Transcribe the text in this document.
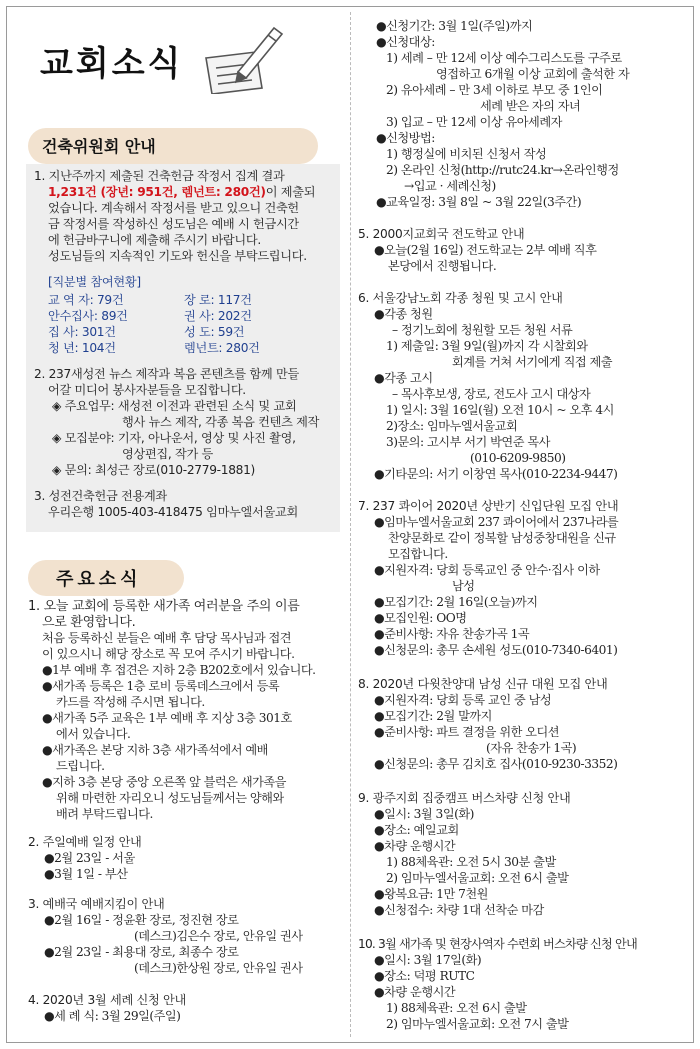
교회소식
건축위원회 안내
1. 지난주까지 제출된 건축헌금 작정서 집계 결과
1,231건 (장년: 951건, 렘넌트: 280건)이 제출되
었습니다. 계속해서 작정서를 받고 있으니 건축헌
금 작정서를 작성하신 성도님은 예배 시 헌금시간
에 헌금바구니에 제출해 주시기 바랍니다.
성도님들의 지속적인 기도와 헌신을 부탁드립니다.
[직분별 참여현황]
교 역 자: 79건	장 로: 117건
안수집사: 89건	권 사: 202건
집 사: 301건	성 도: 59건
청 년: 104건	렘넌트: 280건
2. 237새성전 뉴스 제작과 복음 콘텐츠를 함께 만들
어갈 미디어 봉사자분들을 모집합니다.
◈ 주요업무: 새성전 이전과 관련된 소식 및 교회
행사 뉴스 제작, 각종 복음 컨텐츠 제작
◈ 모집분야: 기자, 아나운서, 영상 및 사진 촬영,
영상편집, 작가 등
◈ 문의: 최성근 장로(010-2779-1881)
3. 성전건축헌금 전용계좌
우리은행 1005-403-418475 임마누엘서울교회
주요소식
1. 오늘 교회에 등록한 새가족 여러분을 주의 이름
으로 환영합니다.
처음 등록하신 분들은 예배 후 담당 목사님과 접견
이 있으시니 해당 장소로 꼭 모여 주시기 바랍니다.
●1부 예배 후 접견은 지하 2층 B202호에서 있습니다.
●새가족 등록은 1층 로비 등록데스크에서 등록
카드를 작성해 주시면 됩니다.
●새가족 5주 교육은 1부 예배 후 지상 3층 301호
에서 있습니다.
●새가족은 본당 지하 3층 새가족석에서 예배
드립니다.
●지하 3층 본당 중앙 오른쪽 앞 블럭은 새가족을
위해 마련한 자리오니 성도님들께서는 양해와
배려 부탁드립니다.
2. 주일예배 일정 안내
●2월 23일 - 서울
●3월 1일 - 부산
3. 예배국 예배지킴이 안내
●2월 16일 - 정윤환 장로, 정진현 장로
(데스크)김은수 장로, 안유일 권사
●2월 23일 - 최용대 장로, 최종수 장로
(데스크)한상원 장로, 안유일 권사
4. 2020년 3월 세례 신청 안내
●세 례 식: 3월 29일(주일)
●신청기간: 3월 1일(주일)까지
●신청대상:
1) 세례 – 만 12세 이상 예수그리스도를 구주로
영접하고 6개월 이상 교회에 출석한 자
2) 유아세례 – 만 3세 이하로 부모 중 1인이
세례 받은 자의 자녀
3) 입교 – 만 12세 이상 유아세례자
●신청방법:
1) 행정실에 비치된 신청서 작성
2) 온라인 신청(http://rutc24.kr→온라인행정
→입교 · 세례신청)
●교육일정: 3월 8일 ~ 3월 22일(3주간)
5. 2000지교회국 전도학교 안내
●오늘(2월 16일) 전도학교는 2부 예배 직후
본당에서 진행됩니다.
6. 서울강남노회 각종 청원 및 고시 안내
●각종 청원
– 정기노회에 청원할 모든 청원 서류
1) 제출일: 3월 9일(월)까지 각 시찰회와
회계를 거쳐 서기에게 직접 제출
●각종 고시
– 목사후보생, 장로, 전도사 고시 대상자
1) 일시: 3월 16일(월) 오전 10시 ~ 오후 4시
2)장소: 임마누엘서울교회
3)문의: 고시부 서기 박연준 목사
(010-6209-9850)
●기타문의: 서기 이창연 목사(010-2234-9447)
7. 237 콰이어 2020년 상반기 신입단원 모집 안내
●임마누엘서울교회 237 콰이어에서 237나라를
찬양문화로 같이 정복할 남성중창대원을 신규
모집합니다.
●지원자격: 당회 등록교인 중 안수·집사 이하
남성
●모집기간: 2월 16일(오늘)까지
●모집인원: OO명
●준비사항: 자유 찬송가곡 1곡
●신청문의: 총무 손세원 성도(010-7340-6401)
8. 2020년 다윗찬양대 남성 신규 대원 모집 안내
●지원자격: 당회 등록 교인 중 남성
●모집기간: 2월 말까지
●준비사항: 파트 결정을 위한 오디션
(자유 찬송가 1곡)
●신청문의: 총무 김치호 집사(010-9230-3352)
9. 광주지회 집중캠프 버스차량 신청 안내
●일시: 3월 3일(화)
●장소: 예일교회
●차량 운행시간
1) 88체육관: 오전 5시 30분 출발
2) 임마누엘서울교회: 오전 6시 출발
●왕복요금: 1만 7천원
●신청접수: 차량 1대 선착순 마감
10. 3월 새가족 및 현장사역자 수련회 버스차량 신청 안내
●일시: 3월 17일(화)
●장소: 덕평 RUTC
●차량 운행시간
1) 88체육관: 오전 6시 출발
2) 임마누엘서울교회: 오전 7시 출발
